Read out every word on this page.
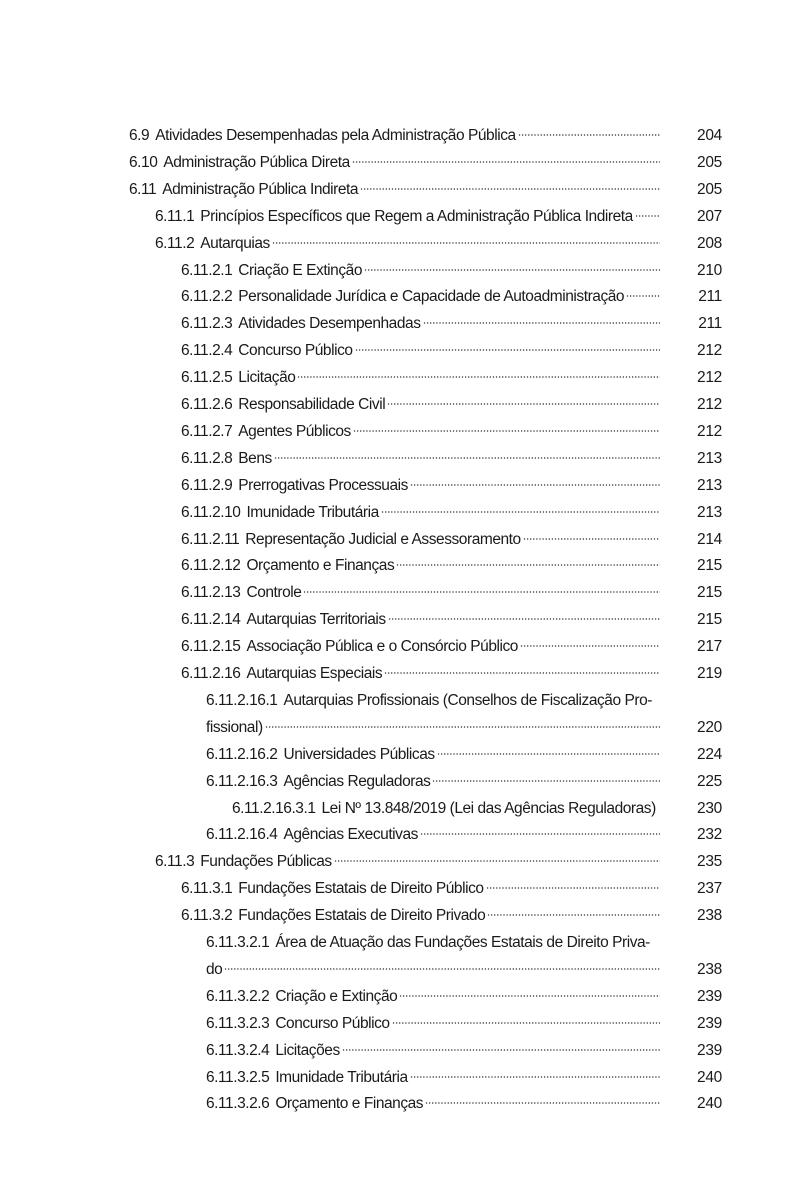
6.9 Atividades Desempenhadas pela Administração Pública	204
6.10 Administração Pública Direta	205
6.11 Administração Pública Indireta	205
6.11.1 Princípios Específicos que Regem a Administração Pública Indireta	207
6.11.2 Autarquias	208
6.11.2.1 Criação E Extinção	210
6.11.2.2 Personalidade Jurídica e Capacidade de Autoadministração	211
6.11.2.3 Atividades Desempenhadas	211
6.11.2.4 Concurso Público	212
6.11.2.5 Licitação	212
6.11.2.6 Responsabilidade Civil	212
6.11.2.7 Agentes Públicos	212
6.11.2.8 Bens	213
6.11.2.9 Prerrogativas Processuais	213
6.11.2.10 Imunidade Tributária	213
6.11.2.11 Representação Judicial e Assessoramento	214
6.11.2.12 Orçamento e Finanças	215
6.11.2.13 Controle	215
6.11.2.14 Autarquias Territoriais	215
6.11.2.15 Associação Pública e o Consórcio Público	217
6.11.2.16 Autarquias Especiais	219
6.11.2.16.1 Autarquias Profissionais (Conselhos de Fiscalização Pro-
fissional)	220
6.11.2.16.2 Universidades Públicas	224
6.11.2.16.3 Agências Reguladoras	225
6.11.2.16.3.1 Lei Nº 13.848/2019 (Lei das Agências Reguladoras)	230
6.11.2.16.4 Agências Executivas	232
6.11.3 Fundações Públicas	235
6.11.3.1 Fundações Estatais de Direito Público	237
6.11.3.2 Fundações Estatais de Direito Privado	238
6.11.3.2.1 Área de Atuação das Fundações Estatais de Direito Priva-
do	238
6.11.3.2.2 Criação e Extinção	239
6.11.3.2.3 Concurso Público	239
6.11.3.2.4 Licitações	239
6.11.3.2.5 Imunidade Tributária	240
6.11.3.2.6 Orçamento e Finanças	240
